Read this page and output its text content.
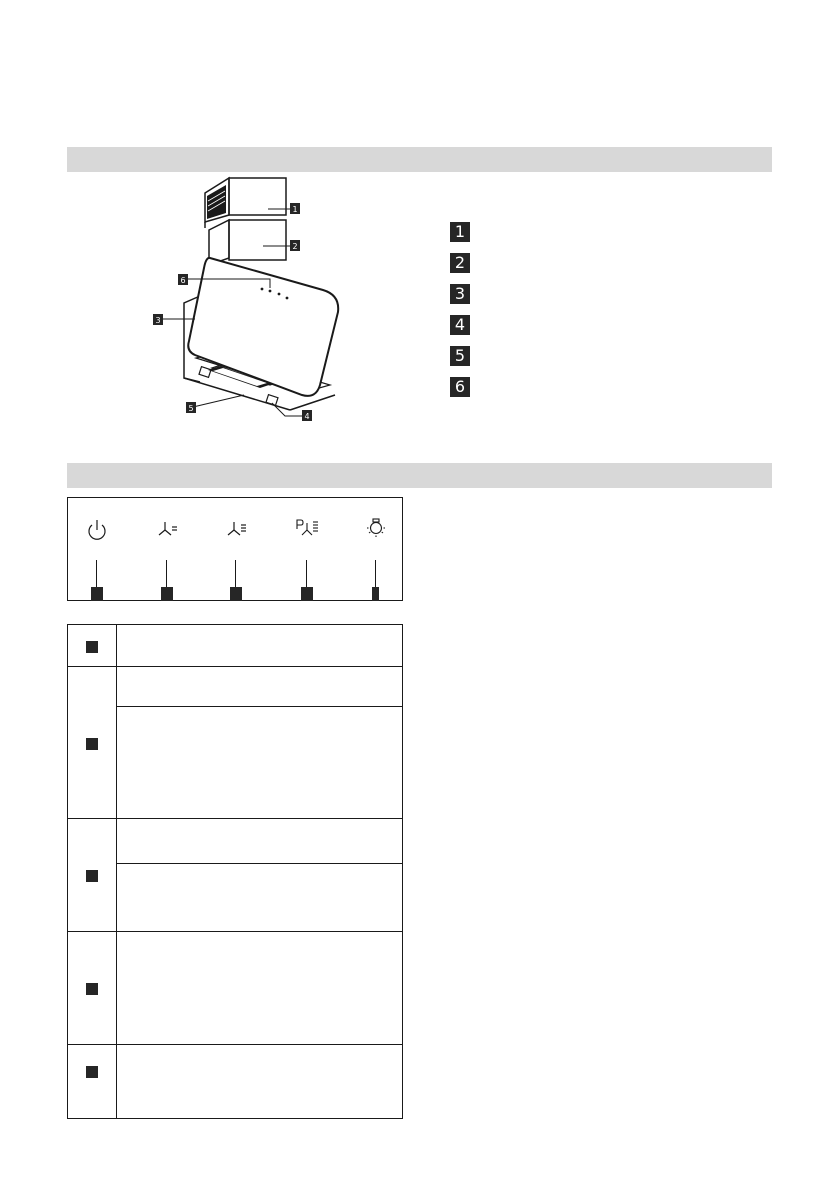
1
2
6
3
5
4
1
2
3
4
5
6
